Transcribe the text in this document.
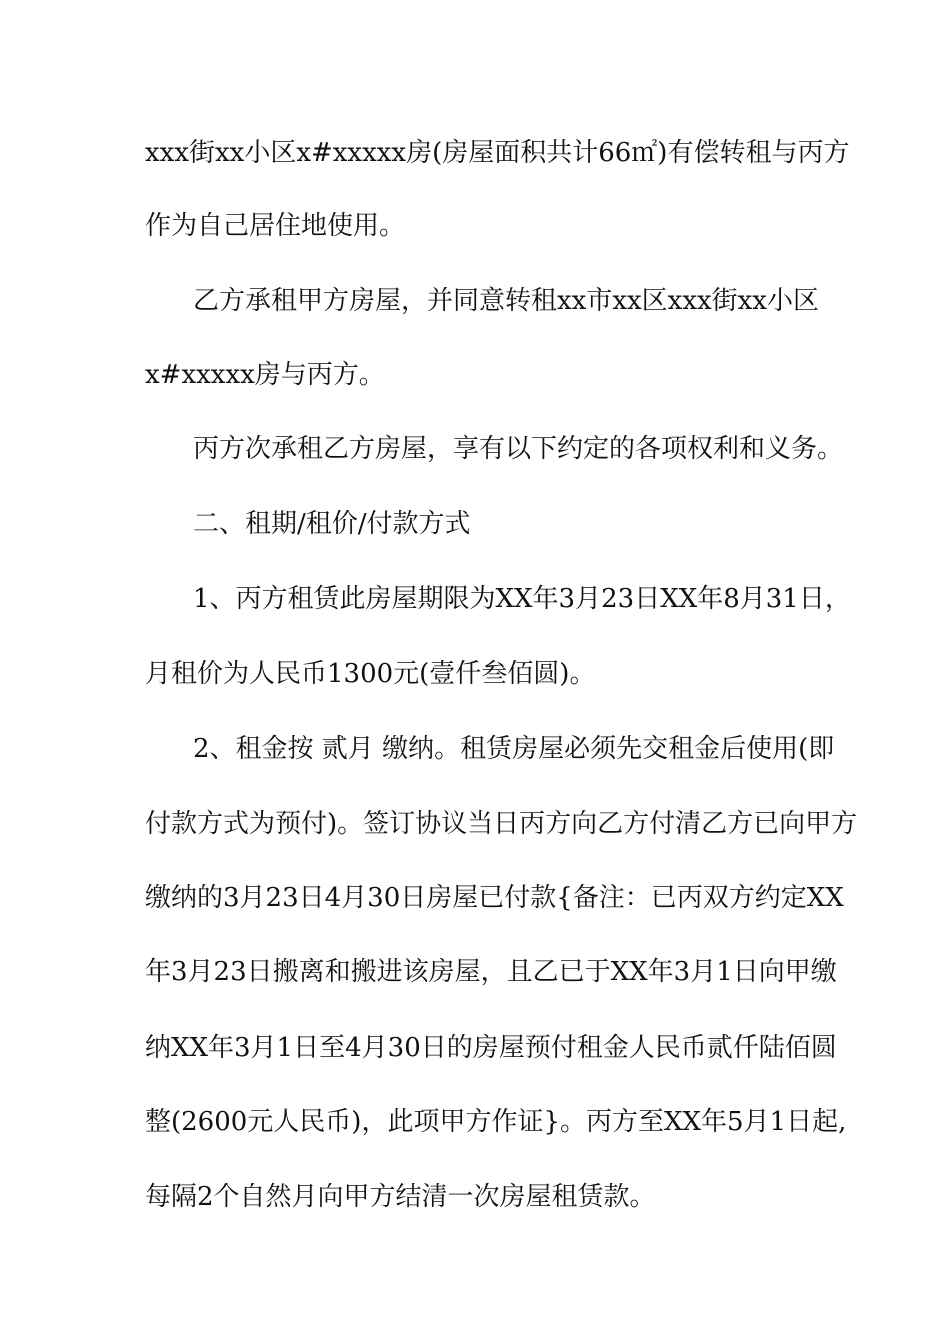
xxx街xx小区x#xxxxx房(房屋面积共计66㎡)有偿转租与丙方
作为自己居住地使用。
乙方承租甲方房屋，并同意转租xx市xx区xxx街xx小区
x#xxxxx房与丙方。
丙方次承租乙方房屋，享有以下约定的各项权利和义务。
二、租期/租价/付款方式
1、丙方租赁此房屋期限为XX年3月23日XX年8月31日，
月租价为人民币1300元(壹仟叁佰圆)。
2、租金按 贰月 缴纳。租赁房屋必须先交租金后使用(即
付款方式为预付)。签订协议当日丙方向乙方付清乙方已向甲方
缴纳的3月23日4月30日房屋已付款{备注：已丙双方约定XX
年3月23日搬离和搬进该房屋，且乙已于XX年3月1日向甲缴
纳XX年3月1日至4月30日的房屋预付租金人民币贰仟陆佰圆
整(2600元人民币)，此项甲方作证}。丙方至XX年5月1日起,
每隔2个自然月向甲方结清一次房屋租赁款。
